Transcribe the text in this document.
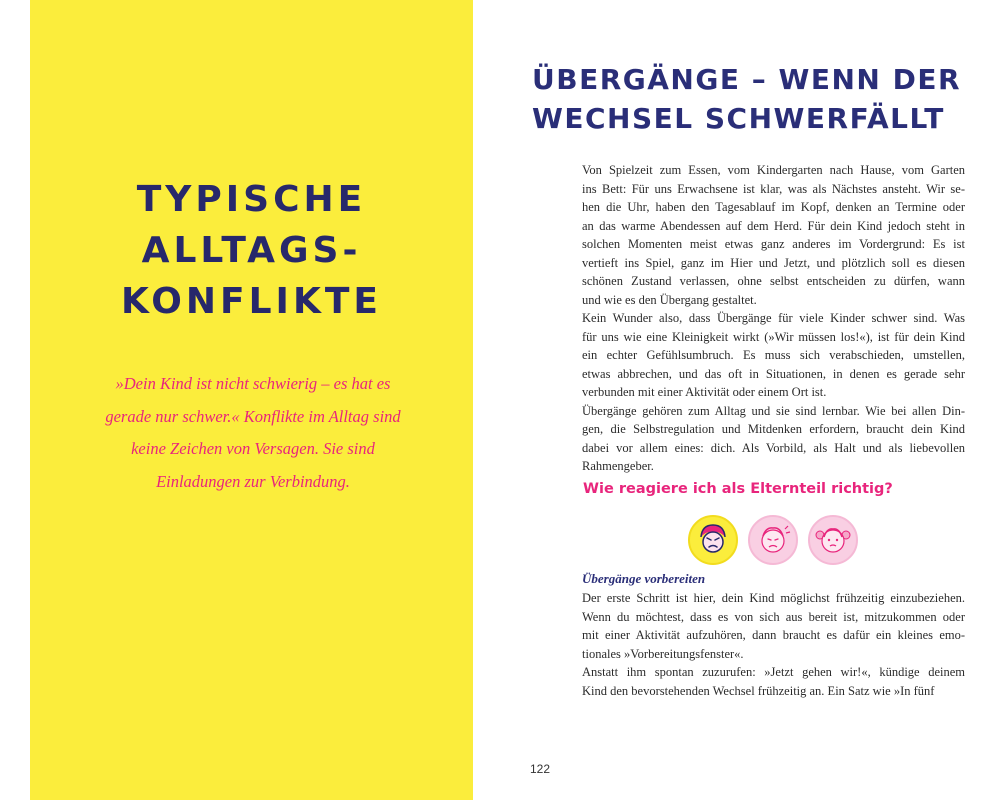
TYPISCHE
ALLTAGS-
KONFLIKTE
»Dein Kind ist nicht schwierig – es hat es
gerade nur schwer.« Konflikte im Alltag sind
keine Zeichen von Versagen. Sie sind
Einladungen zur Verbindung.
ÜBERGÄNGE – WENN DER
WECHSEL SCHWERFÄLLT
Von Spielzeit zum Essen, vom Kindergarten nach Hause, vom Garten
ins Bett: Für uns Erwachsene ist klar, was als Nächstes ansteht. Wir se-
hen die Uhr, haben den Tagesablauf im Kopf, denken an Termine oder
an das warme Abendessen auf dem Herd. Für dein Kind jedoch steht in
solchen Momenten meist etwas ganz anderes im Vordergrund: Es ist
vertieft ins Spiel, ganz im Hier und Jetzt, und plötzlich soll es diesen
schönen Zustand verlassen, ohne selbst entscheiden zu dürfen, wann
und wie es den Übergang gestaltet.
Kein Wunder also, dass Übergänge für viele Kinder schwer sind. Was
für uns wie eine Kleinigkeit wirkt (»Wir müssen los!«), ist für dein Kind
ein echter Gefühlsumbruch. Es muss sich verabschieden, umstellen,
etwas abbrechen, und das oft in Situationen, in denen es gerade sehr
verbunden mit einer Aktivität oder einem Ort ist.
Übergänge gehören zum Alltag und sie sind lernbar. Wie bei allen Din-
gen, die Selbstregulation und Mitdenken erfordern, braucht dein Kind
dabei vor allem eines: dich. Als Vorbild, als Halt und als liebevollen
Rahmengeber.
Wie reagiere ich als Elternteil richtig?
Übergänge vorbereiten
Der erste Schritt ist hier, dein Kind möglichst frühzeitig einzubeziehen.
Wenn du möchtest, dass es von sich aus bereit ist, mitzukommen oder
mit einer Aktivität aufzuhören, dann braucht es dafür ein kleines emo-
tionales »Vorbereitungsfenster«.
Anstatt ihm spontan zuzurufen: »Jetzt gehen wir!«, kündige deinem
Kind den bevorstehenden Wechsel frühzeitig an. Ein Satz wie »In fünf
122
